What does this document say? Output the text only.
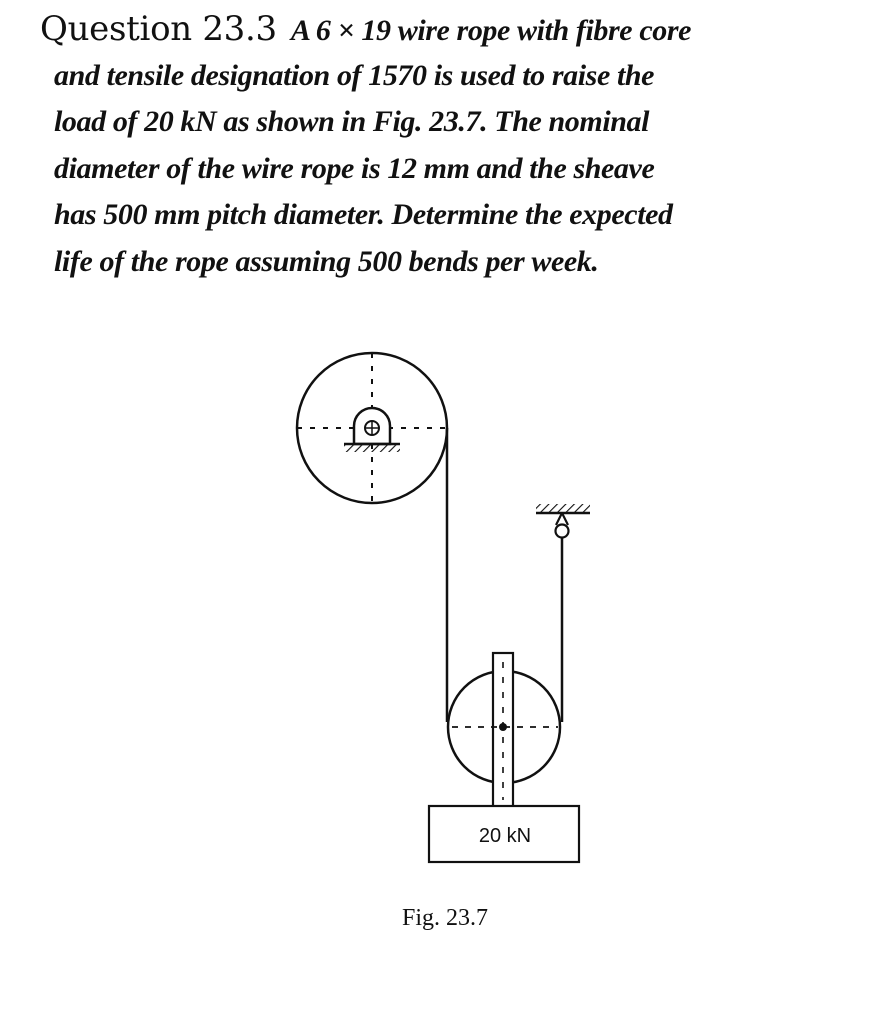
Question 23.3 A 6 × 19 wire rope with fibre core
and tensile designation of 1570 is used to raise the
load of 20 kN as shown in Fig. 23.7. The nominal
diameter of the wire rope is 12 mm and the sheave
has 500 mm pitch diameter. Determine the expected
life of the rope assuming 500 bends per week.
20 kN
Fig. 23.7
